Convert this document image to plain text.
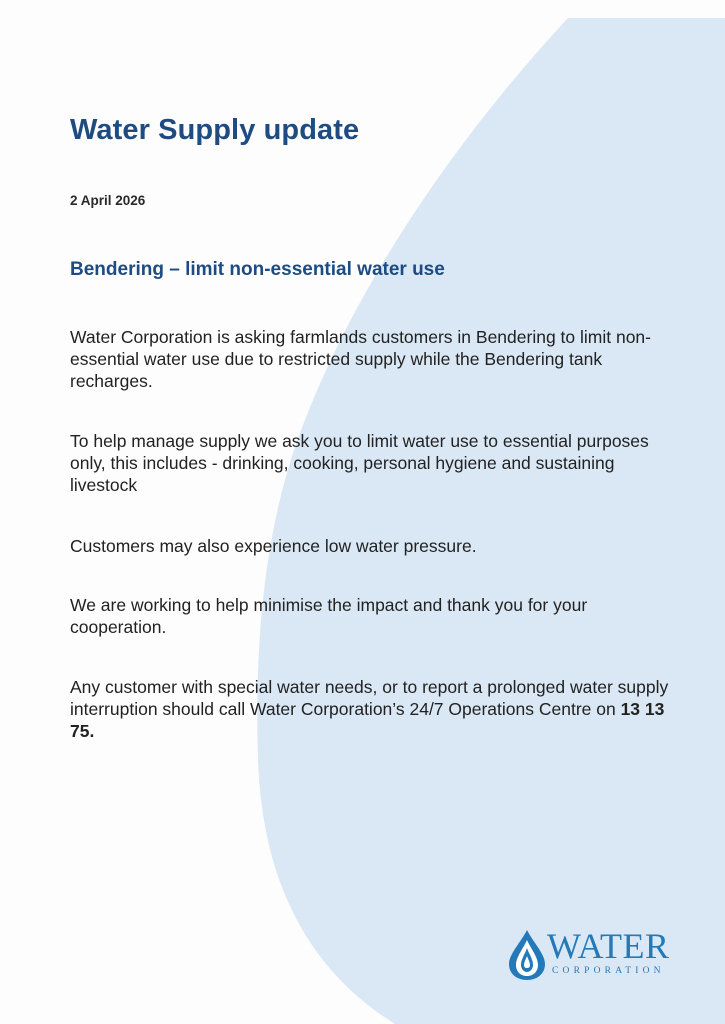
Water Supply update

2 April 2026

Bendering – limit non-essential water use

Water Corporation is asking farmlands customers in Bendering to limit non-essential water use due to restricted supply while the Bendering tank recharges.

To help manage supply we ask you to limit water use to essential purposes only, this includes - drinking, cooking, personal hygiene and sustaining livestock

Customers may also experience low water pressure.

We are working to help minimise the impact and thank you for your cooperation.

Any customer with special water needs, or to report a prolonged water supply interruption should call Water Corporation’s 24/7 Operations Centre on 13 13 75.

WATER
CORPORATION
